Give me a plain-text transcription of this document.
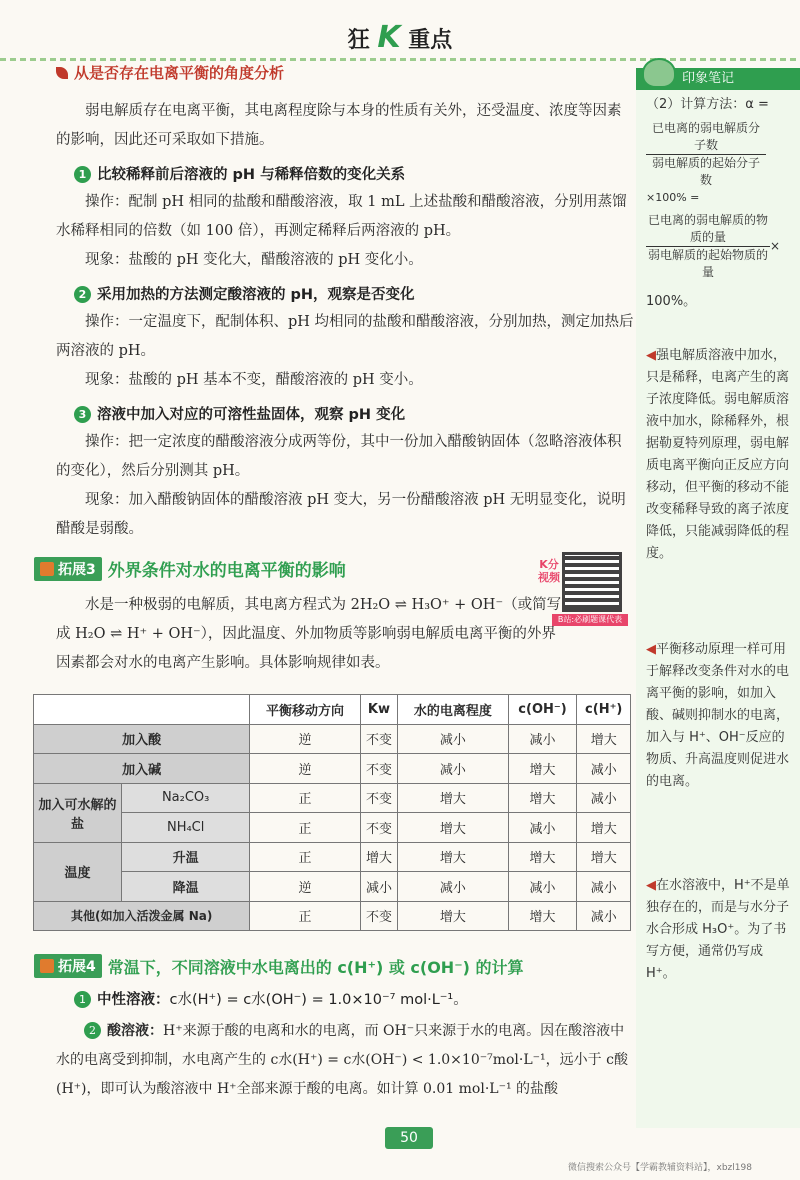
狂 K 重点
从是否存在电离平衡的角度分析

弱电解质存在电离平衡，其电离程度除与本身的性质有关外，还受温度、浓度等因素的影响，因此还可采取如下措施。

1 比较稀释前后溶液的 pH 与稀释倍数的变化关系

操作：配制 pH 相同的盐酸和醋酸溶液，取 1 mL 上述盐酸和醋酸溶液，分别用蒸馏水稀释相同的倍数（如 100 倍），再测定稀释后两溶液的 pH。

现象：盐酸的 pH 变化大，醋酸溶液的 pH 变化小。

2 采用加热的方法测定酸溶液的 pH，观察是否变化

操作：一定温度下，配制体积、pH 均相同的盐酸和醋酸溶液，分别加热，测定加热后两溶液的 pH。

现象：盐酸的 pH 基本不变，醋酸溶液的 pH 变小。

3 溶液中加入对应的可溶性盐固体，观察 pH 变化

操作：把一定浓度的醋酸溶液分成两等份，其中一份加入醋酸钠固体（忽略溶液体积的变化），然后分别测其 pH。

现象：加入醋酸钠固体的醋酸溶液 pH 变大，另一份醋酸溶液 pH 无明显变化，说明醋酸是弱酸。

拓展3 外界条件对水的电离平衡的影响

水是一种极弱的电解质，其电离方程式为 2H₂O ⇌ H₃O⁺ + OH⁻（或简写成 H₂O ⇌ H⁺ + OH⁻），因此温度、外加物质等影响弱电解质电离平衡的外界因素都会对水的电离产生影响。具体影响规律如表。

K分视频
B站:必刷题课代表
		平衡移动方向	Kw	水的电离程度	c(OH⁻)	c(H⁺)
加入酸		逆	不变	减小	减小	增大
加入碱		逆	不变	减小	增大	减小
加入可水解的盐	Na₂CO₃	正	不变	增大	增大	减小
	NH₄Cl	正	不变	增大	减小	增大
温度	升温	正	增大	增大	增大	增大
	降温	逆	减小	减小	减小	减小
其他(如加入活泼金属 Na)		正	不变	增大	增大	减小
拓展4 常温下，不同溶液中水电离出的 c(H⁺) 或 c(OH⁻) 的计算
1 中性溶液：c水(H⁺) = c水(OH⁻) = 1.0×10⁻⁷ mol·L⁻¹。

2 酸溶液：H⁺来源于酸的电离和水的电离，而 OH⁻只来源于水的电离。因在酸溶液中水的电离受到抑制，水电离产生的 c水(H⁺) = c水(OH⁻) < 1.0×10⁻⁷mol·L⁻¹，远小于 c酸(H⁺)，即可认为酸溶液中 H⁺全部来源于酸的电离。如计算 0.01 mol·L⁻¹ 的盐酸

印象笔记
（2）计算方法：α =
$\frac{\text{已电离的弱电解质分子数}}{\text{弱电解质的起始分子数}}$
×100% =
$\frac{\text{已电离的弱电解质的物质的量}}{\text{弱电解质的起始物质的量}}$ ×
100%。
◀强电解质溶液中加水，只是稀释，电离产生的离子浓度降低。弱电解质溶液中加水，除稀释外，根据勒夏特列原理，弱电解质电离平衡向正反应方向移动，但平衡的移动不能改变稀释导致的离子浓度降低，只能减弱降低的程度。
◀平衡移动原理一样可用于解释改变条件对水的电离平衡的影响，如加入酸、碱则抑制水的电离，加入与 H⁺、OH⁻反应的物质、升高温度则促进水的电离。
◀在水溶液中，H⁺不是单独存在的，而是与水分子水合形成 H₃O⁺。为了书写方便，通常仍写成 H⁺。
50
微信搜索公众号【学霸教辅资料站】，xbzl198
